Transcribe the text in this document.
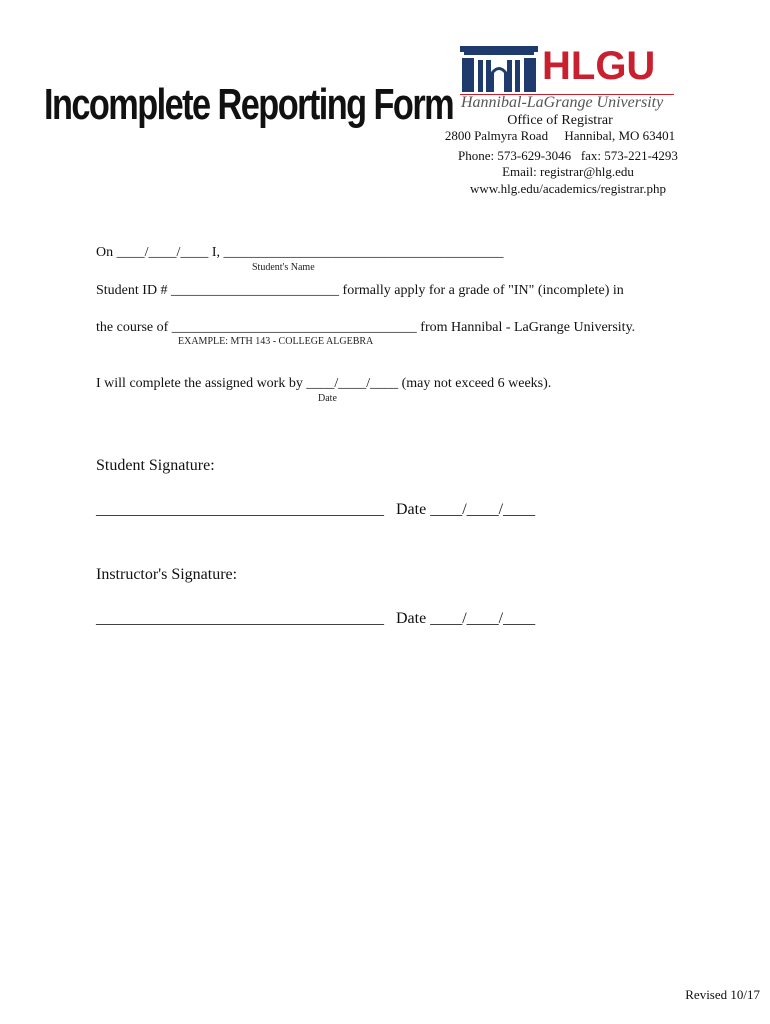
Incomplete Reporting Form
HLGU
Hannibal-LaGrange University
Office of Registrar
2800 Palmyra Road     Hannibal, MO 63401
Phone: 573-629-3046   fax: 573-221-4293
Email: registrar@hlg.edu
www.hlg.edu/academics/registrar.php
On ____/____/____ I, ________________________________________
Student's Name
Student ID # ________________________ formally apply for a grade of "IN" (incomplete) in
the course of ___________________________________ from Hannibal - LaGrange University.
EXAMPLE: MTH 143 - COLLEGE ALGEBRA
I will complete the assigned work by ____/____/____ (may not exceed 6 weeks).
Date
Student Signature:
____________________________________   Date ____/____/____
Instructor's Signature:
____________________________________   Date ____/____/____
Revised 10/17
